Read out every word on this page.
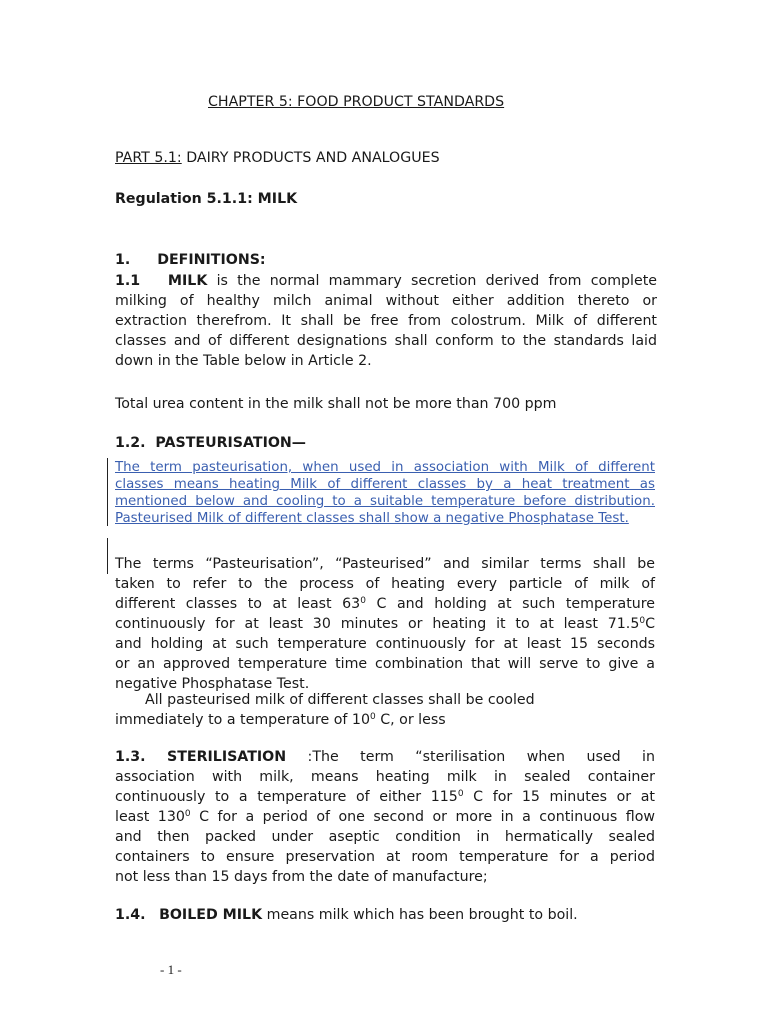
CHAPTER 5: FOOD PRODUCT STANDARDS
PART 5.1: DAIRY PRODUCTS AND ANALOGUES
Regulation 5.1.1: MILK
1. DEFINITIONS:
1.1 MILK is the normal mammary secretion derived from complete
milking of healthy milch animal without either addition thereto or
extraction therefrom. It shall be free from colostrum. Milk of different
classes and of different designations shall conform to the standards laid
down in the Table below in Article 2.
Total urea content in the milk shall not be more than 700 ppm
1.2. PASTEURISATION—
The term pasteurisation, when used in association with Milk of different
classes means heating Milk of different classes by a heat treatment as
mentioned below and cooling to a suitable temperature before distribution.
Pasteurised Milk of different classes shall show a negative Phosphatase Test.
The terms “Pasteurisation”, “Pasteurised” and similar terms shall be
taken to refer to the process of heating every particle of milk of
different classes to at least $63^0$ C and holding at such temperature
continuously for at least 30 minutes or heating it to at least 71.5$^0$C
and holding at such temperature continuously for at least 15 seconds
or an approved temperature time combination that will serve to give a
negative Phosphatase Test.
All pasteurised milk of different classes shall be cooled
immediately to a temperature of $10^0$ C, or less
1.3. STERILISATION :The term “sterilisation when used in
association with milk, means heating milk in sealed container
continuously to a temperature of either $115^0$ C for 15 minutes or at
least $130^0$ C for a period of one second or more in a continuous flow
and then packed under aseptic condition in hermatically sealed
containers to ensure preservation at room temperature for a period
not less than 15 days from the date of manufacture;
1.4. BOILED MILK means milk which has been brought to boil.
- 1 -
